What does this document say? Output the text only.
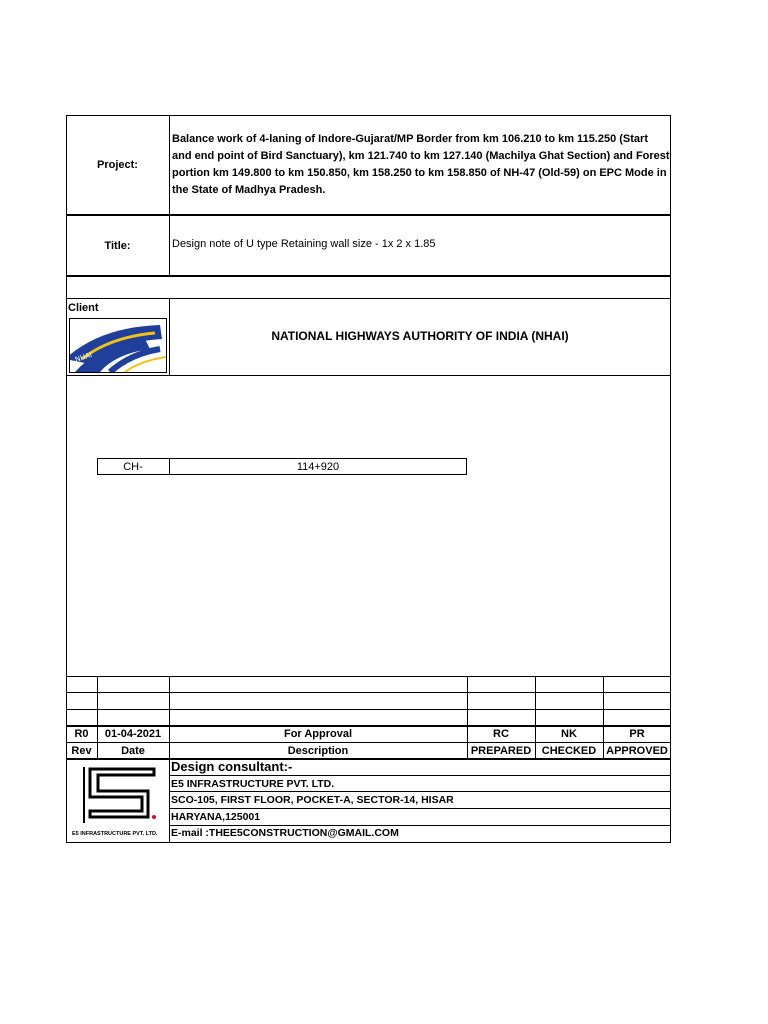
Project:
Balance work of 4-laning of Indore-Gujarat/MP Border from km 106.210 to km 115.250 (Start and end point of Bird Sanctuary), km 121.740 to km 127.140 (Machilya Ghat Section) and Forest portion km 149.800 to km 150.850, km 158.250 to km 158.850 of NH-47 (Old-59) on EPC Mode in the State of Madhya Pradesh.
Title:	Design note of U type Retaining wall size - 1x 2 x 1.85
Client
NHAI
NATIONAL HIGHWAYS AUTHORITY OF INDIA (NHAI)
CH-	114+920
R0	01-04-2021	For Approval	RC	NK	PR
Rev	Date	Description	PREPARED CHECKED APPROVED
Design consultant:-
E5 INFRASTRUCTURE PVT. LTD.
SCO-105, FIRST FLOOR, POCKET-A, SECTOR-14, HISAR
HARYANA,125001
E-mail :THEE5CONSTRUCTION@GMAIL.COM
E5 INFRASTRUCTURE PVT. LTD.
